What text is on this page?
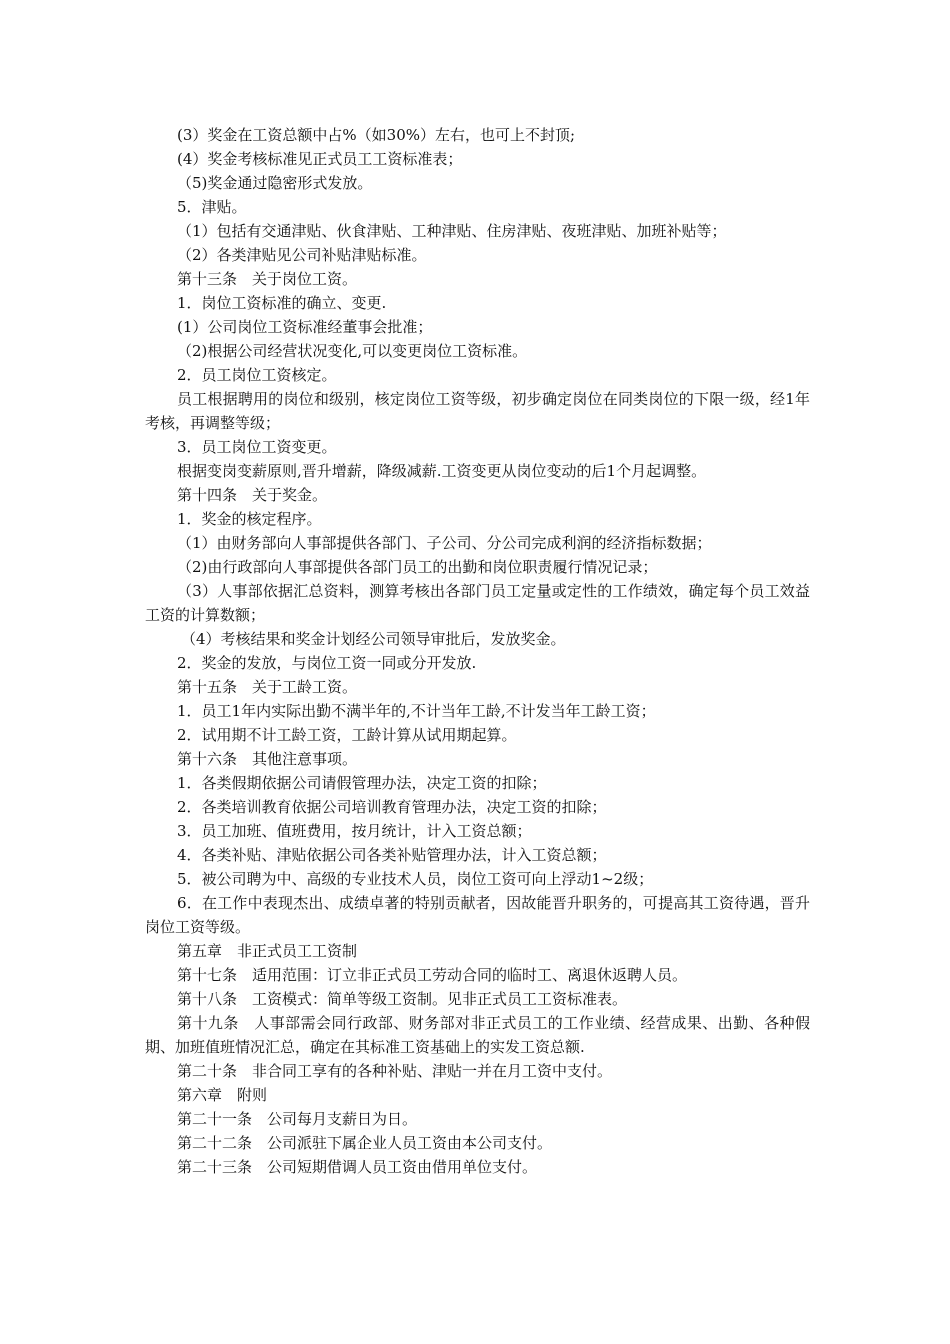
(3）奖金在工资总额中占%（如30%）左右，也可上不封顶;

(4）奖金考核标准见正式员工工资标准表；

（5)奖金通过隐密形式发放。

5．津贴。

（1）包括有交通津贴、伙食津贴、工种津贴、住房津贴、夜班津贴、加班补贴等；

（2）各类津贴见公司补贴津贴标准。

第十三条　关于岗位工资。

1．岗位工资标准的确立、变更.

(1）公司岗位工资标准经董事会批准；

（2)根据公司经营状况变化,可以变更岗位工资标准。

2．员工岗位工资核定。

员工根据聘用的岗位和级别，核定岗位工资等级，初步确定岗位在同类岗位的下限一级，经1年考核，再调整等级；

3．员工岗位工资变更。

根据变岗变薪原则,晋升增薪，降级减薪.工资变更从岗位变动的后1个月起调整。

第十四条　关于奖金。

1．奖金的核定程序。

（1）由财务部向人事部提供各部门、子公司、分公司完成利润的经济指标数据；

（2)由行政部向人事部提供各部门员工的出勤和岗位职责履行情况记录；

（3）人事部依据汇总资料，测算考核出各部门员工定量或定性的工作绩效，确定每个员工效益工资的计算数额；

（4）考核结果和奖金计划经公司领导审批后，发放奖金。

2．奖金的发放，与岗位工资一同或分开发放.

第十五条　关于工龄工资。

1．员工1年内实际出勤不满半年的,不计当年工龄,不计发当年工龄工资；

2．试用期不计工龄工资，工龄计算从试用期起算。

第十六条　其他注意事项。

1．各类假期依据公司请假管理办法，决定工资的扣除；

2．各类培训教育依据公司培训教育管理办法，决定工资的扣除；

3．员工加班、值班费用，按月统计，计入工资总额；

4．各类补贴、津贴依据公司各类补贴管理办法，计入工资总额；

5．被公司聘为中、高级的专业技术人员，岗位工资可向上浮动1~2级；

6．在工作中表现杰出、成绩卓著的特别贡献者，因故能晋升职务的，可提高其工资待遇，晋升岗位工资等级。

第五章　非正式员工工资制

第十七条　适用范围：订立非正式员工劳动合同的临时工、离退休返聘人员。

第十八条　工资模式：简单等级工资制。见非正式员工工资标准表。

第十九条　人事部需会同行政部、财务部对非正式员工的工作业绩、经营成果、出勤、各种假期、加班值班情况汇总，确定在其标准工资基础上的实发工资总额.

第二十条　非合同工享有的各种补贴、津贴一并在月工资中支付。

第六章　附则

第二十一条　公司每月支薪日为日。

第二十二条　公司派驻下属企业人员工资由本公司支付。

第二十三条　公司短期借调人员工资由借用单位支付。
